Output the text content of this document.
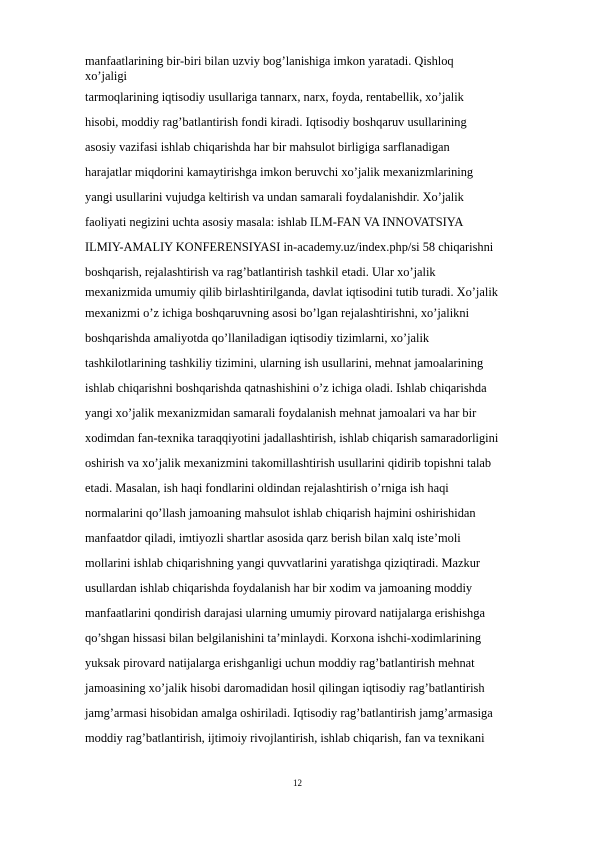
manfaatlarining bir-biri bilan uzviy bog’lanishiga imkon yaratadi. Qishloq

xo’jaligi

tarmoqlarining iqtisodiy usullariga tannarx, narx, foyda, rentabellik, xo’jalik

hisobi, moddiy rag’batlantirish fondi kiradi. Iqtisodiy boshqaruv usullarining

asosiy vazifasi ishlab chiqarishda har bir mahsulot birligiga sarflanadigan

harajatlar miqdorini kamaytirishga imkon beruvchi xo’jalik mexanizmlarining

yangi usullarini vujudga keltirish va undan samarali foydalanishdir. Xo’jalik

faoliyati negizini uchta asosiy masala: ishlab ILM-FAN VA INNOVATSIYA

ILMIY-AMALIY KONFERENSIYASI in-academy.uz/index.php/si 58 chiqarishni

boshqarish, rejalashtirish va rag’batlantirish tashkil etadi. Ular xo’jalik

mexanizmida umumiy qilib birlashtirilganda, davlat iqtisodini tutib turadi. Xo’jalik

mexanizmi o’z ichiga boshqaruvning asosi bo’lgan rejalashtirishni, xo’jalikni

boshqarishda amaliyotda qo’llaniladigan iqtisodiy tizimlarni, xo’jalik

tashkilotlarining tashkiliy tizimini, ularning ish usullarini, mehnat jamoalarining

ishlab chiqarishni boshqarishda qatnashishini o’z ichiga oladi. Ishlab chiqarishda

yangi xo’jalik mexanizmidan samarali foydalanish mehnat jamoalari va har bir

xodimdan fan-texnika taraqqiyotini jadallashtirish, ishlab chiqarish samaradorligini

oshirish va xo’jalik mexanizmini takomillashtirish usullarini qidirib topishni talab

etadi. Masalan, ish haqi fondlarini oldindan rejalashtirish o’rniga ish haqi

normalarini qo’llash jamoaning mahsulot ishlab chiqarish hajmini oshirishidan

manfaatdor qiladi, imtiyozli shartlar asosida qarz berish bilan xalq iste’moli

mollarini ishlab chiqarishning yangi quvvatlarini yaratishga qiziqtiradi. Mazkur

usullardan ishlab chiqarishda foydalanish har bir xodim va jamoaning moddiy

manfaatlarini qondirish darajasi ularning umumiy pirovard natijalarga erishishga

qo’shgan hissasi bilan belgilanishini ta’minlaydi. Korxona ishchi-xodimlarining

yuksak pirovard natijalarga erishganligi uchun moddiy rag’batlantirish mehnat

jamoasining xo’jalik hisobi daromadidan hosil qilingan iqtisodiy rag’batlantirish

jamg’armasi hisobidan amalga oshiriladi. Iqtisodiy rag’batlantirish jamg’armasiga

moddiy rag’batlantirish, ijtimoiy rivojlantirish, ishlab chiqarish, fan va texnikani

12
